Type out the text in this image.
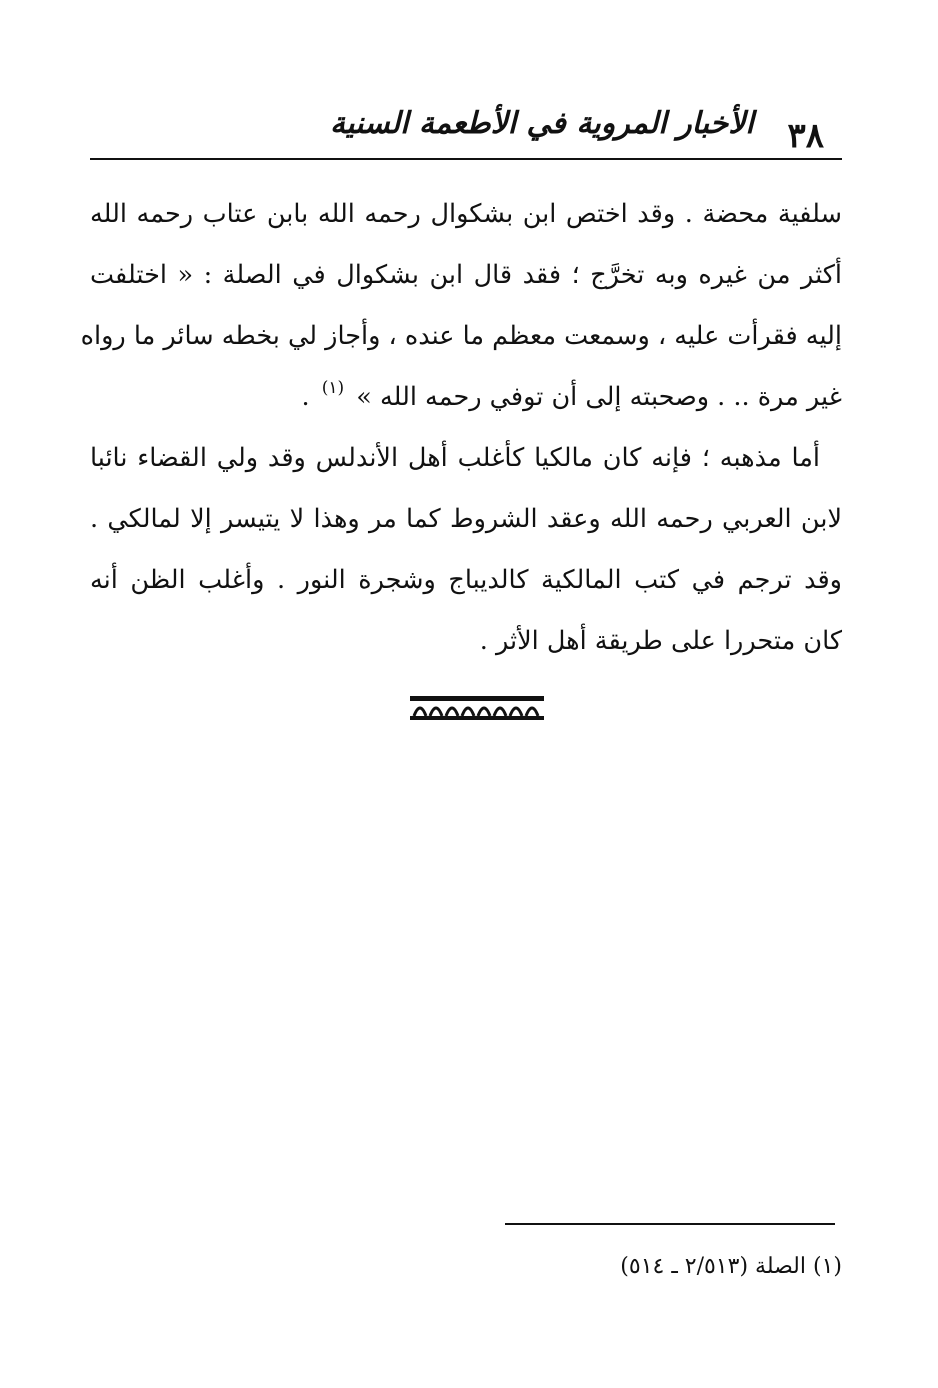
٣٨
الأخبار المروية في الأطعمة السنية
سلفية محضة . وقد اختص ابن بشكوال رحمه الله بابن عتاب رحمه الله
أكثر من غيره وبه تخرَّج ؛ فقد قال ابن بشكوال في الصلة : « اختلفت
إليه فقرأت عليه ، وسمعت معظم ما عنده ، وأجاز لي بخطه سائر ما رواه
غير مرة .. . وصحبته إلى أن توفي رحمه الله » $^{(١)}$ .
أما مذهبه ؛ فإنه كان مالكيا كأغلب أهل الأندلس وقد ولي القضاء نائبا
لابن العربي رحمه الله وعقد الشروط كما مر وهذا لا يتيسر إلا لمالكي .
وقد ترجم في كتب المالكية كالديباج وشجرة النور . وأغلب الظن أنه
كان متحررا على طريقة أهل الأثر .
(١) الصلة (٢/٥١٣ ـ ٥١٤)
